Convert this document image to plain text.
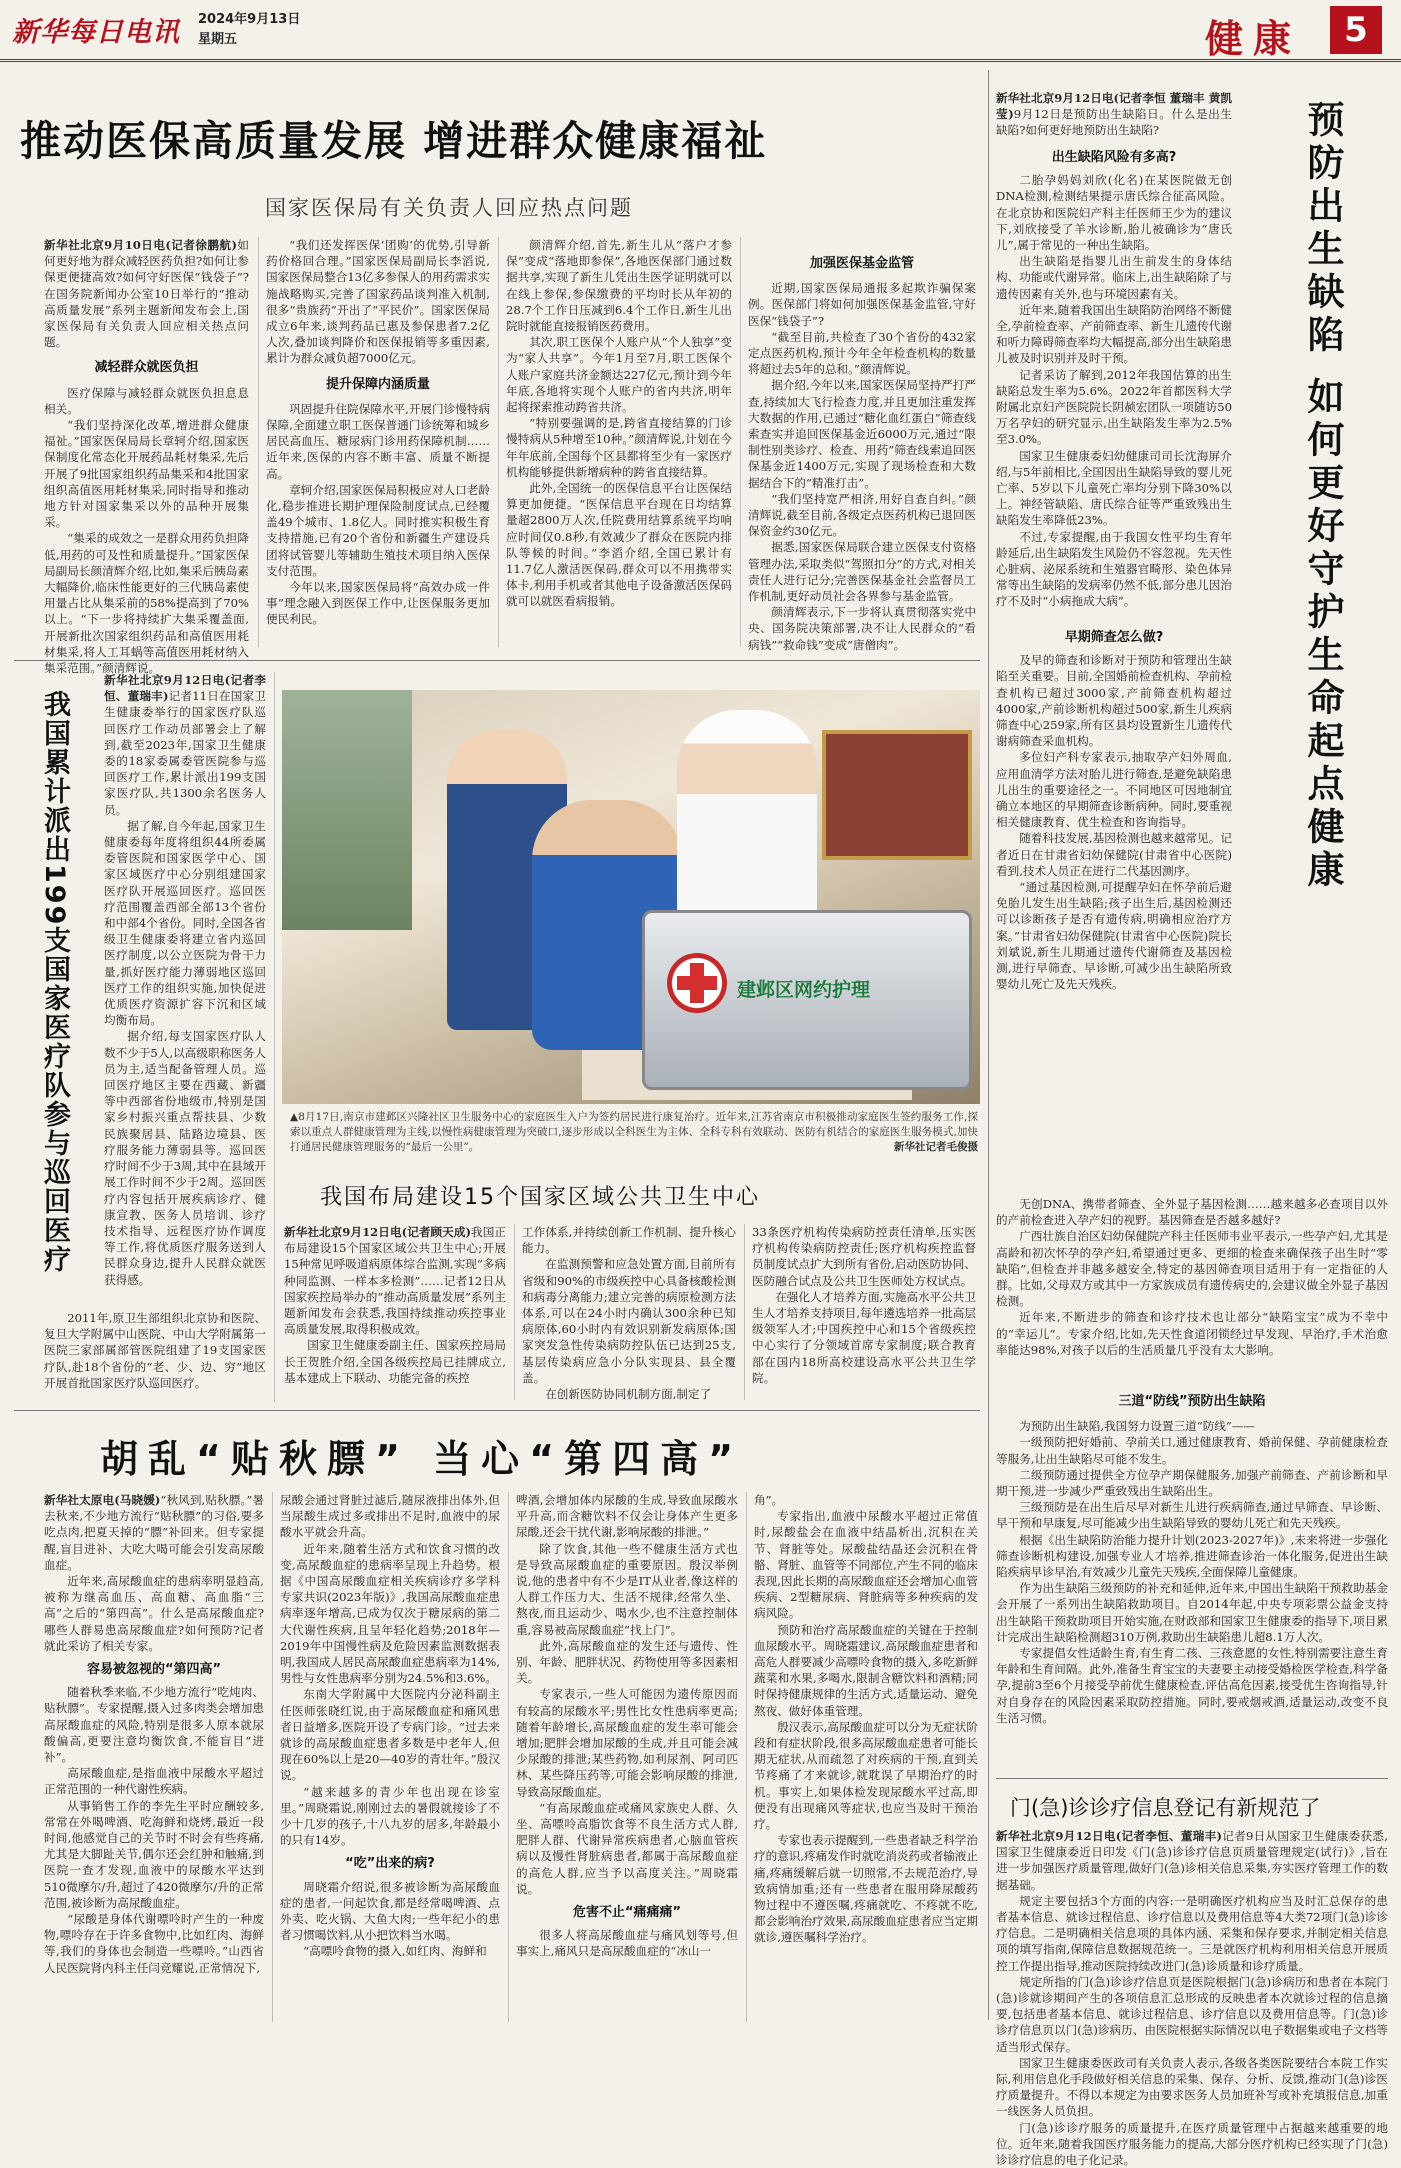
新华每日电讯 2024年9月13日
星期五	健康	5
推动医保高质量发展 增进群众健康福祉
国家医保局有关负责人回应热点问题
新华社北京9月10日电(记者徐鹏航)如何更好地为群众减轻医药负担?如何让参保更便捷高效?如何守好医保“钱袋子”?在国务院新闻办公室10日举行的“推动高质量发展”系列主题新闻发布会上,国家医保局有关负责人回应相关热点问题。
减轻群众就医负担

医疗保障与减轻群众就医负担息息相关。

“我们坚持深化改革,增进群众健康福祉。”国家医保局局长章轲介绍,国家医保制度化常态化开展药品耗材集采,先后开展了9批国家组织药品集采和4批国家组织高值医用耗材集采,同时指导和推动地方针对国家集采以外的品种开展集采。

“集采的成效之一是群众用药负担降低,用药的可及性和质量提升。”国家医保局副局长颜清辉介绍,比如,集采后胰岛素大幅降价,临床性能更好的三代胰岛素使用量占比从集采前的58%提高到了70%以上。“下一步将持续扩大集采覆盖面,开展新批次国家组织药品和高值医用耗材集采,将人工耳蜗等高值医用耗材纳入集采范围。”颜清辉说。

“我们还发挥医保‘团购’的优势,引导新药价格回合理。”国家医保局副局长李滔说,国家医保局整合13亿多参保人的用药需求实施战略购买,完善了国家药品谈判准入机制,很多“贵族药”开出了“平民价”。国家医保局成立6年来,谈判药品已惠及参保患者7.2亿人次,叠加谈判降价和医保报销等多重因素,累计为群众减负超7000亿元。

提升保障内涵质量

巩固提升住院保障水平,开展门诊慢特病保障,全面建立职工医保普通门诊统筹和城乡居民高血压、糖尿病门诊用药保障机制……近年来,医保的内容不断丰富、质量不断提高。

章轲介绍,国家医保局积极应对人口老龄化,稳步推进长期护理保险制度试点,已经覆盖49个城市、1.8亿人。同时推实积极生育支持措施,已有20个省份和新疆生产建设兵团将试管婴儿等辅助生殖技术项目纳入医保支付范围。

今年以来,国家医保局将“高效办成一件事”理念融入到医保工作中,让医保服务更加便民利民。

颜清辉介绍,首先,新生儿从“落户才参保”变成“落地即参保”,各地医保部门通过数据共享,实现了新生儿凭出生医学证明就可以在线上参保,参保缴费的平均时长从年初的28.7个工作日压减到6.4个工作日,新生儿出院时就能直接报销医药费用。

其次,职工医保个人账户从“个人独享”变为“家人共享”。今年1月至7月,职工医保个人账户家庭共济金额达227亿元,预计到今年年底,各地将实现个人账户的省内共济,明年起将探索推动跨省共济。

“特别要强调的是,跨省直接结算的门诊慢特病从5种增至10种。”颜清辉说,计划在今年年底前,全国每个区县都将至少有一家医疗机构能够提供新增病种的跨省直接结算。

此外,全国统一的医保信息平台让医保结算更加便捷。“医保信息平台现在日均结算量超2800万人次,任院费用结算系统平均响应时间仅0.8秒,有效减少了群众在医院内排队等候的时间。”李滔介绍,全国已累计有11.7亿人激活医保码,群众可以不用携带实体卡,利用手机或者其他电子设备激活医保码就可以就医看病报销。

加强医保基金监管

近期,国家医保局通报多起欺诈骗保案例。医保部门将如何加强医保基金监管,守好医保“钱袋子”?

“截至目前,共检查了30个省份的432家定点医药机构,预计今年全年检查机构的数量将超过去5年的总和。”颜清辉说。

据介绍,今年以来,国家医保局坚持严打严查,持续加大飞行检查力度,并且更加注重发挥大数据的作用,已通过“糖化血红蛋白”筛查线索查实并追回医保基金近6000万元,通过“限制性别类诊疗、检查、用药”筛查线索追回医保基金近1400万元,实现了现场检查和大数据结合下的“精准打击”。

“我们坚持宽严相济,用好自查自纠。”颜清辉说,截至目前,各级定点医药机构已退回医保资金约30亿元。

据悉,国家医保局联合建立医保支付资格管理办法,采取类似“驾照扣分”的方式,对相关责任人进行记分;完善医保基金社会监督员工作机制,更好动员社会各界参与基金监管。

颜清辉表示,下一步将认真贯彻落实党中央、国务院决策部署,决不让人民群众的“看病钱”“救命钱”变成“唐僧肉”。

我国累计派出199支国家医疗队参与巡回医疗
新华社北京9月12日电(记者李恒、董瑞丰)记者11日在国家卫生健康委举行的国家医疗队巡回医疗工作动员部署会上了解到,截至2023年,国家卫生健康委的18家委属委管医院参与巡回医疗工作,累计派出199支国家医疗队,共1300余名医务人员。

据了解,自今年起,国家卫生健康委每年度将组织44所委属委管医院和国家医学中心、国家区域医疗中心分别组建国家医疗队开展巡回医疗。巡回医疗范围覆盖西部全部13个省份和中部4个省份。同时,全国各省级卫生健康委将建立省内巡回医疗制度,以公立医院为骨干力量,抓好医疗能力薄弱地区巡回医疗工作的组织实施,加快促进优质医疗资源扩容下沉和区域均衡布局。

据介绍,每支国家医疗队人数不少于5人,以高级职称医务人员为主,适当配备管理人员。巡回医疗地区主要在西藏、新疆等中西部省份地级市,特别是国家乡村振兴重点帮扶县、少数民族聚居县、陆路边境县、医疗服务能力薄弱县等。巡回医疗时间不少于3周,其中在县域开展工作时间不少于2周。巡回医疗内容包括开展疾病诊疗、健康宣教、医务人员培训、诊疗技术指导、远程医疗协作调度等工作,将优质医疗服务送到人民群众身边,提升人民群众就医获得感。

2011年,原卫生部组织北京协和医院、复旦大学附属中山医院、中山大学附属第一医院三家部属部管医院组建了19支国家医疗队,赴18个省份的“老、少、边、穷”地区开展首批国家医疗队巡回医疗。

建邺区网约护理
▲8月17日,南京市建邺区兴隆社区卫生服务中心的家庭医生入户为签约居民进行康复治疗。近年来,江苏省南京市积极推动家庭医生签约服务工作,探索以重点人群健康管理为主线,以慢性病健康管理为突破口,逐步形成以全科医生为主体、全科专科有效联动、医防有机结合的家庭医生服务模式,加快打通居民健康管理服务的“最后一公里”。	新华社记者毛俊摄
我国布局建设15个国家区域公共卫生中心
新华社北京9月12日电(记者顾天成)我国正布局建设15个国家区域公共卫生中心;开展15种常见呼吸道病原体综合监测,实现“多病种同监测、一样本多检测”……记者12日从国家疾控局举办的“推动高质量发展”系列主题新闻发布会获悉,我国持续推动疾控事业高质量发展,取得积极成效。

国家卫生健康委副主任、国家疾控局局长王贺胜介绍,全国各级疾控局已挂牌成立,基本建成上下联动、功能完备的疾控

工作体系,并持续创新工作机制、提升核心能力。

在监测预警和应急处置方面,目前所有省级和90%的市级疾控中心具备核酸检测和病毒分离能力;建立完善的病原检测方法体系,可以在24小时内确认300余种已知病原体,60小时内有效识别新发病原体;国家突发急性传染病防控队伍已达到25支,基层传染病应急小分队实现县、县全覆盖。

在创新医防协同机制方面,制定了

33条医疗机构传染病防控责任清单,压实医疗机构传染病防控责任;医疗机构疾控监督员制度试点扩大到所有省份,启动医防协同、医防融合试点及公共卫生医师处方权试点。

在强化人才培养方面,实施高水平公共卫生人才培养支持项目,每年遴选培养一批高层级领军人才;中国疾控中心和15个省级疾控中心实行了分领域首席专家制度;联合教育部在国内18所高校建设高水平公共卫生学院。

胡乱“贴秋膘” 当心“第四高”
新华社太原电(马晓媛)“秋风到,贴秋膘。”暑去秋来,不少地方流行“贴秋膘”的习俗,要多吃点肉,把夏天掉的“膘”补回来。但专家提醒,盲目进补、大吃大喝可能会引发高尿酸血症。

近年来,高尿酸血症的患病率明显趋高,被称为继高血压、高血糖、高血脂“三高”之后的“第四高”。什么是高尿酸血症?哪些人群易患高尿酸血症?如何预防?记者就此采访了相关专家。

容易被忽视的“第四高”

随着秋季来临,不少地方流行“吃炖肉、贴秋膘”。专家提醒,摄入过多肉类会增加患高尿酸血症的风险,特别是很多人原本就尿酸偏高,更要注意均衡饮食,不能盲目“进补”。

高尿酸血症,是指血液中尿酸水平超过正常范围的一种代谢性疾病。

从事销售工作的李先生平时应酬较多,常常在外喝啤酒、吃海鲜和烧烤,最近一段时间,他感觉自己的关节时不时会有些疼痛,尤其是大脚趾关节,偶尔还会红肿和触痛,到医院一查才发现,血液中的尿酸水平达到510微摩尔/升,超过了420微摩尔/升的正常范围,被诊断为高尿酸血症。

“尿酸是身体代谢嘌呤时产生的一种废物,嘌呤存在于许多食物中,比如红肉、海鲜等,我们的身体也会制造一些嘌呤。”山西省人民医院肾内科主任闫竞耀说,正常情况下,

尿酸会通过肾脏过滤后,随尿液排出体外,但当尿酸生成过多或排出不足时,血液中的尿酸水平就会升高。

近年来,随着生活方式和饮食习惯的改变,高尿酸血症的患病率呈现上升趋势。根据《中国高尿酸血症相关疾病诊疗多学科专家共识(2023年版)》,我国高尿酸血症患病率逐年增高,已成为仅次于糖尿病的第二大代谢性疾病,且呈年轻化趋势;2018年—2019年中国慢性病及危险因素监测数据表明,我国成人居民高尿酸血症患病率为14%,男性与女性患病率分别为24.5%和3.6%。

东南大学附属中大医院内分泌科副主任医师张晓红说,由于高尿酸血症和痛风患者日益增多,医院开设了专病门诊。“过去来就诊的高尿酸血症患者多数是中老年人,但现在60%以上是20—40岁的青壮年。”殷汉说。

“越来越多的青少年也出现在诊室里。”周晓霜说,刚刚过去的暑假就接诊了不少十几岁的孩子,十八九岁的居多,年龄最小的只有14岁。

“吃”出来的病?

周晓霜介绍说,很多被诊断为高尿酸血症的患者,一问起饮食,都是经常喝啤酒、点外卖、吃火锅、大鱼大肉;一些年纪小的患者习惯喝饮料,从小把饮料当水喝。

“高嘌呤食物的摄入,如红肉、海鲜和

啤酒,会增加体内尿酸的生成,导致血尿酸水平升高,而含糖饮料不仅会让身体产生更多尿酸,还会干扰代谢,影响尿酸的排泄。”

除了饮食,其他一些不健康生活方式也是导致高尿酸血症的重要原因。殷汉举例说,他的患者中有不少是IT从业者,像这样的人群工作压力大、生活不规律,经常久坐、熬夜,而且运动少、喝水少,也不注意控制体重,容易被高尿酸血症“找上门”。

此外,高尿酸血症的发生还与遗传、性别、年龄、肥胖状况、药物使用等多因素相关。

专家表示,一些人可能因为遗传原因而有较高的尿酸水平;男性比女性患病率更高;随着年龄增长,高尿酸血症的发生率可能会增加;肥胖会增加尿酸的生成,并且可能会减少尿酸的排泄;某些药物,如利尿剂、阿司匹林、某些降压药等,可能会影响尿酸的排泄,导致高尿酸血症。

“有高尿酸血症或痛风家族史人群、久坐、高嘌呤高脂饮食等不良生活方式人群,肥胖人群、代谢异常疾病患者,心脑血管疾病以及慢性肾脏病患者,都属于高尿酸血症的高危人群,应当予以高度关注。”周晓霜说。

危害不止“痛痛痛”

很多人将高尿酸血症与痛风划等号,但事实上,痛风只是高尿酸血症的“冰山一

角”。

专家指出,血液中尿酸水平超过正常值时,尿酸盐会在血液中结晶析出,沉积在关节、肾脏等处。尿酸盐结晶还会沉积在骨骼、肾脏、血管等不同部位,产生不同的临床表现,因此长期的高尿酸血症还会增加心血管疾病、2型糖尿病、肾脏病等多种疾病的发病风险。

预防和治疗高尿酸血症的关键在于控制血尿酸水平。周晓霜建议,高尿酸血症患者和高危人群要减少高嘌呤食物的摄入,多吃新鲜蔬菜和水果,多喝水,限制含糖饮料和酒精;同时保持健康规律的生活方式,适量运动、避免熬夜、做好体重管理。

殷汉表示,高尿酸血症可以分为无症状阶段和有症状阶段,很多高尿酸血症患者可能长期无症状,从而疏忽了对疾病的干预,直到关节疼痛了才来就诊,就耽误了早期治疗的时机。事实上,如果体检发现尿酸水平过高,即便没有出现痛风等症状,也应当及时干预治疗。

专家也表示提醒到,一些患者缺乏科学治疗的意识,疼痛发作时就吃消炎药或者输液止痛,疼痛缓解后就一切照常,不去规范治疗,导致病情加重;还有一些患者在服用降尿酸药物过程中不遵医嘱,疼痛就吃、不疼就不吃,都会影响治疗效果,高尿酸血症患者应当定期就诊,遵医嘱科学治疗。

新华社北京9月12日电(记者李恒 董瑞丰 黄凯莹)9月12日是预防出生缺陷日。什么是出生缺陷?如何更好地预防出生缺陷?	预防出生缺陷 如何更好守护生命起点健康
出生缺陷风险有多高?

二胎孕妈妈刘欣(化名)在某医院做无创DNA检测,检测结果提示唐氏综合征高风险。在北京协和医院妇产科主任医师王少为的建议下,刘欣接受了羊水诊断,胎儿被确诊为“唐氏儿”,属于常见的一种出生缺陷。

出生缺陷是指婴儿出生前发生的身体结构、功能或代谢异常。临床上,出生缺陷除了与遗传因素有关外,也与环境因素有关。

近年来,随着我国出生缺陷防治网络不断健全,孕前检查率、产前筛查率、新生儿遗传代谢和听力障碍筛查率均大幅提高,部分出生缺陷患儿被及时识别并及时干预。

记者采访了解到,2012年我国估算的出生缺陷总发生率为5.6%。2022年首都医科大学附属北京妇产医院院长阴赪宏团队一项随访50万名孕妇的研究显示,出生缺陷发生率为2.5%至3.0%。

国家卫生健康委妇幼健康司司长沈海屏介绍,与5年前相比,全国因出生缺陷导致的婴儿死亡率、5岁以下儿童死亡率均分别下降30%以上。神经管缺陷、唐氏综合征等严重致残出生缺陷发生率降低23%。

不过,专家提醒,由于我国女性平均生育年龄延后,出生缺陷发生风险仍不容忽视。先天性心脏病、泌尿系统和生殖器官畸形、染色体异常等出生缺陷的发病率仍然不低,部分患儿因治疗不及时“小病拖成大病”。

早期筛查怎么做?

及早的筛查和诊断对于预防和管理出生缺陷至关重要。目前,全国婚前检查机构、孕前检查机构已超过3000家,产前筛查机构超过4000家,产前诊断机构超过500家,新生儿疾病筛查中心259家,所有区县均设置新生儿遗传代谢病筛查采血机构。

多位妇产科专家表示,抽取孕产妇外周血,应用血清学方法对胎儿进行筛查,是避免缺陷患儿出生的重要途径之一。不同地区可因地制宜确立本地区的早期筛查诊断病种。同时,要重视相关健康教育、优生检查和咨询指导。

随着科技发展,基因检测也越来越常见。记者近日在甘肃省妇幼保健院(甘肃省中心医院)看到,技术人员正在进行二代基因测序。

“通过基因检测,可提醒孕妇在怀孕前后避免胎儿发生出生缺陷;孩子出生后,基因检测还可以诊断孩子是否有遗传病,明确相应治疗方案。”甘肃省妇幼保健院(甘肃省中心医院)院长刘斌说,新生儿期通过遗传代谢筛查及基因检测,进行早筛查、早诊断,可减少出生缺陷所致婴幼儿死亡及先天残疾。

无创DNA、携带者筛查、全外显子基因检测……越来越多必查项目以外的产前检查进入孕产妇的视野。基因筛查是否越多越好?

广西壮族自治区妇幼保健院产科主任医师韦业平表示,一些孕产妇,尤其是高龄和初次怀孕的孕产妇,希望通过更多、更细的检查来确保孩子出生时“零缺陷”,但检查并非越多越安全,特定的基因筛查项目适用于有一定指征的人群。比如,父母双方或其中一方家族成员有遗传病史的,会建议做全外显子基因检测。

近年来,不断进步的筛查和诊疗技术也让部分“缺陷宝宝”成为不幸中的“幸运儿”。专家介绍,比如,先天性食道闭锁经过早发现、早治疗,手术治愈率能达98%,对孩子以后的生活质量几乎没有太大影响。

三道“防线”预防出生缺陷

为预防出生缺陷,我国努力设置三道“防线”——

一级预防把好婚前、孕前关口,通过健康教育、婚前保健、孕前健康检查等服务,让出生缺陷尽可能不发生。

二级预防通过提供全方位孕产期保健服务,加强产前筛查、产前诊断和早期干预,进一步减少严重致残出生缺陷出生。

三级预防是在出生后尽早对新生儿进行疾病筛查,通过早筛查、早诊断、早干预和早康复,尽可能减少出生缺陷导致的婴幼儿死亡和先天残疾。

根据《出生缺陷防治能力提升计划(2023-2027年)》,未来将进一步强化筛查诊断机构建设,加强专业人才培养,推进筛查诊治一体化服务,促进出生缺陷疾病早诊早治,有效减少儿童先天残疾,全面保障儿童健康。

作为出生缺陷三级预防的补充和延伸,近年来,中国出生缺陷干预救助基金会开展了一系列出生缺陷救助项目。自2014年起,中央专项彩票公益金支持出生缺陷干预救助项目开始实施,在财政部和国家卫生健康委的指导下,项目累计完成出生缺陷检测超310万例,救助出生缺陷患儿超8.1万人次。

专家提倡女性适龄生育,有生育二孩、三孩意愿的女性,特别需要注意生育年龄和生育间隔。此外,准备生育宝宝的夫妻要主动接受婚检医学检查,科学备孕,提前3至6个月接受孕前优生健康检查,评估高危因素,接受优生咨询指导,针对自身存在的风险因素采取防控措施。同时,要戒烟戒酒,适量运动,改变不良生活习惯。

门(急)诊诊疗信息登记有新规范了
新华社北京9月12日电(记者李恒、董瑞丰)记者9日从国家卫生健康委获悉,国家卫生健康委近日印发《门(急)诊诊疗信息页质量管理规定(试行)》,旨在进一步加强医疗质量管理,做好门(急)诊相关信息采集,夯实医疗管理工作的数据基础。

规定主要包括3个方面的内容:一是明确医疗机构应当及时汇总保存的患者基本信息、就诊过程信息、诊疗信息以及费用信息等4大类72项门(急)诊诊疗信息。二是明确相关信息项的具体内涵、采集和保存要求,并制定相关信息项的填写指南,保障信息数据规范统一。三是就医疗机构利用相关信息开展质控工作提出指导,推动医院持续改进门(急)诊质量和诊疗质量。

规定所指的门(急)诊诊疗信息页是医院根据门(急)诊病历和患者在本院门(急)诊就诊期间产生的各项信息汇总形成的反映患者本次就诊过程的信息摘要,包括患者基本信息、就诊过程信息、诊疗信息以及费用信息等。门(急)诊诊疗信息页以门(急)诊病历、由医院根据实际情况以电子数据集或电子文档等适当形式保存。

国家卫生健康委医政司有关负责人表示,各级各类医院要结合本院工作实际,利用信息化手段做好相关信息的采集、保存、分析、反馈,推动门(急)诊医疗质量提升。不得以本规定为由要求医务人员加班补写或补充填报信息,加重一线医务人员负担。

门(急)诊诊疗服务的质量提升,在医疗质量管理中占据越来越重要的地位。近年来,随着我国医疗服务能力的提高,大部分医疗机构已经实现了门(急)诊诊疗信息的电子化记录。
